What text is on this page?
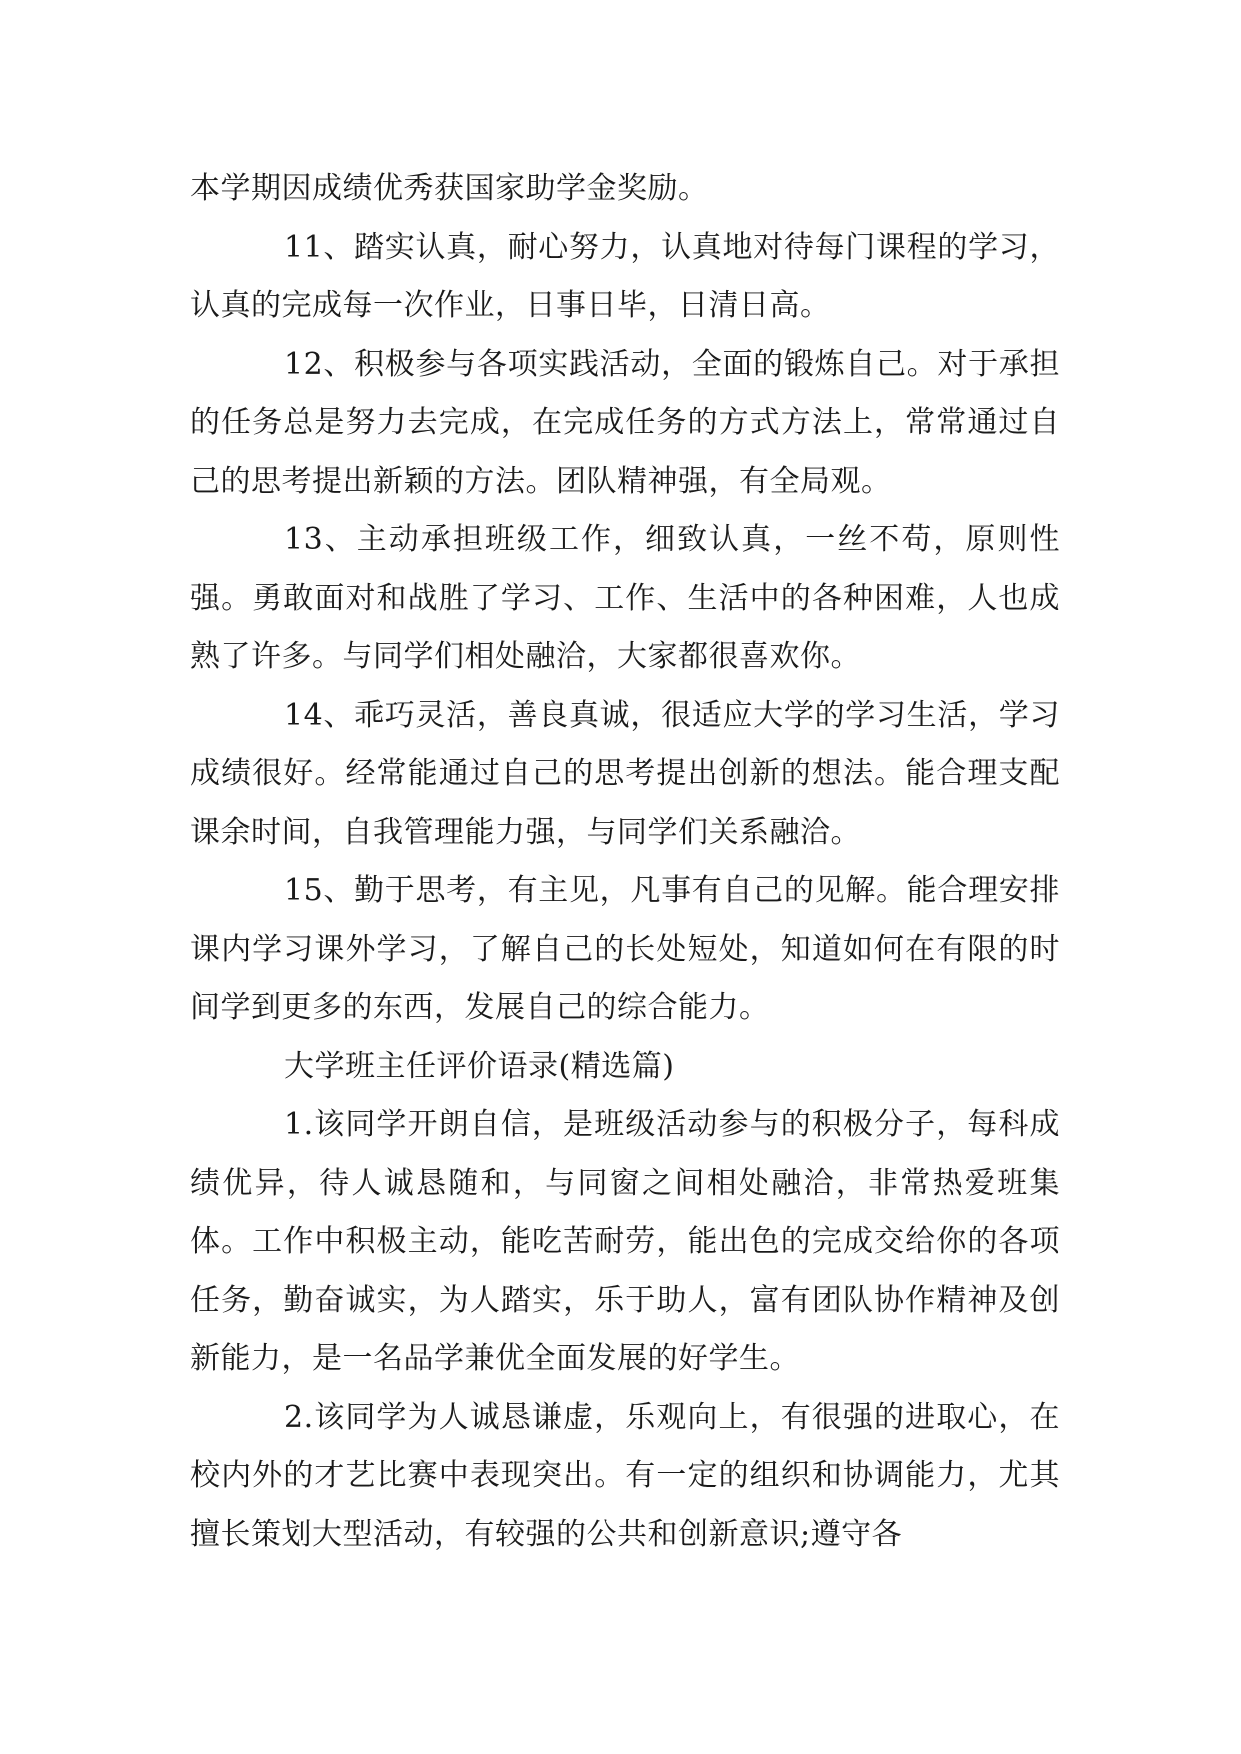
本学期因成绩优秀获国家助学金奖励。

11、踏实认真，耐心努力，认真地对待每门课程的学习，认真的完成每一次作业，日事日毕，日清日高。

12、积极参与各项实践活动，全面的锻炼自己。对于承担的任务总是努力去完成，在完成任务的方式方法上，常常通过自己的思考提出新颖的方法。团队精神强，有全局观。

13、主动承担班级工作，细致认真，一丝不苟，原则性强。勇敢面对和战胜了学习、工作、生活中的各种困难，人也成熟了许多。与同学们相处融洽，大家都很喜欢你。

14、乖巧灵活，善良真诚，很适应大学的学习生活，学习成绩很好。经常能通过自己的思考提出创新的想法。能合理支配课余时间，自我管理能力强，与同学们关系融洽。

15、勤于思考，有主见，凡事有自己的见解。能合理安排课内学习课外学习，了解自己的长处短处，知道如何在有限的时间学到更多的东西，发展自己的综合能力。

大学班主任评价语录(精选篇)

1.该同学开朗自信，是班级活动参与的积极分子，每科成绩优异，待人诚恳随和，与同窗之间相处融洽，非常热爱班集体。工作中积极主动，能吃苦耐劳，能出色的完成交给你的各项任务，勤奋诚实，为人踏实，乐于助人，富有团队协作精神及创新能力，是一名品学兼优全面发展的好学生。

2.该同学为人诚恳谦虚，乐观向上，有很强的进取心，在校内外的才艺比赛中表现突出。有一定的组织和协调能力，尤其擅长策划大型活动，有较强的公共和创新意识;遵守各
